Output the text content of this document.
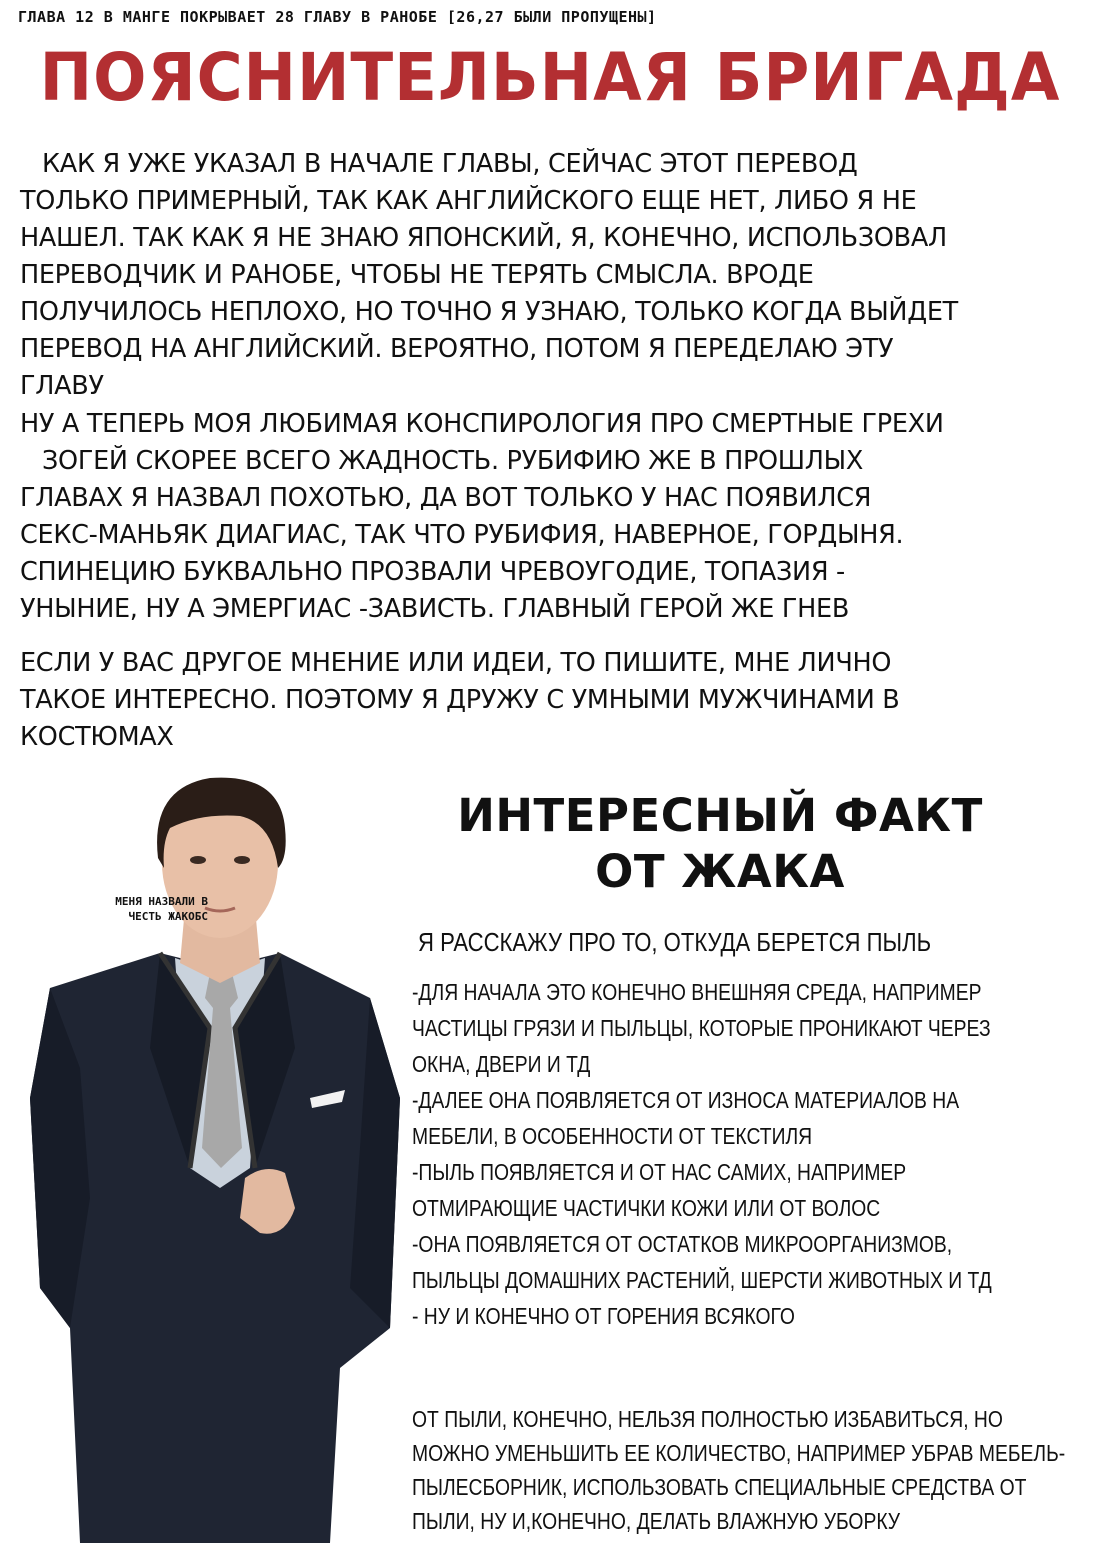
ГЛАВА 12 В МАНГЕ ПОКРЫВАЕТ 28 ГЛАВУ В РАНОБЕ [26,27 БЫЛИ ПРОПУЩЕНЫ]
ПОЯСНИТЕЛЬНАЯ БРИГАДА
КАК Я УЖЕ УКАЗАЛ В НАЧАЛЕ ГЛАВЫ, СЕЙЧАС ЭТОТ ПЕРЕВОД
ТОЛЬКО ПРИМЕРНЫЙ, ТАК КАК АНГЛИЙСКОГО ЕЩЕ НЕТ, ЛИБО Я НЕ
НАШЕЛ. ТАК КАК Я НЕ ЗНАЮ ЯПОНСКИЙ, Я, КОНЕЧНО, ИСПОЛЬЗОВАЛ
ПЕРЕВОДЧИК И РАНОБЕ, ЧТОБЫ НЕ ТЕРЯТЬ СМЫСЛА. ВРОДЕ
ПОЛУЧИЛОСЬ НЕПЛОХО, НО ТОЧНО Я УЗНАЮ, ТОЛЬКО КОГДА ВЫЙДЕТ
ПЕРЕВОД НА АНГЛИЙСКИЙ. ВЕРОЯТНО, ПОТОМ Я ПЕРЕДЕЛАЮ ЭТУ
ГЛАВУ
НУ А ТЕПЕРЬ МОЯ ЛЮБИМАЯ КОНСПИРОЛОГИЯ ПРО СМЕРТНЫЕ ГРЕХИ
ЗОГЕЙ СКОРЕЕ ВСЕГО ЖАДНОСТЬ. РУБИФИЮ ЖЕ В ПРОШЛЫХ
ГЛАВАХ Я НАЗВАЛ ПОХОТЬЮ, ДА ВОТ ТОЛЬКО У НАС ПОЯВИЛСЯ
СЕКС-МАНЬЯК ДИАГИАС, ТАК ЧТО РУБИФИЯ, НАВЕРНОЕ, ГОРДЫНЯ.
СПИНЕЦИЮ БУКВАЛЬНО ПРОЗВАЛИ ЧРЕВОУГОДИЕ, ТОПАЗИЯ -
УНЫНИЕ, НУ А ЭМЕРГИАС -ЗАВИСТЬ. ГЛАВНЫЙ ГЕРОЙ ЖЕ ГНЕВ
ЕСЛИ У ВАС ДРУГОЕ МНЕНИЕ ИЛИ ИДЕИ, ТО ПИШИТЕ, МНЕ ЛИЧНО
ТАКОЕ ИНТЕРЕСНО. ПОЭТОМУ Я ДРУЖУ С УМНЫМИ МУЖЧИНАМИ В
КОСТЮМАХ
МЕНЯ НАЗВАЛИ В
ЧЕСТЬ ЖАКОБС
ИНТЕРЕСНЫЙ ФАКТ
ОТ ЖАКА
Я РАССКАЖУ ПРО ТО, ОТКУДА БЕРЕТСЯ ПЫЛЬ
-ДЛЯ НАЧАЛА ЭТО КОНЕЧНО ВНЕШНЯЯ СРЕДА, НАПРИМЕР
ЧАСТИЦЫ ГРЯЗИ И ПЫЛЬЦЫ, КОТОРЫЕ ПРОНИКАЮТ ЧЕРЕЗ
ОКНА, ДВЕРИ И ТД
-ДАЛЕЕ ОНА ПОЯВЛЯЕТСЯ ОТ ИЗНОСА МАТЕРИАЛОВ НА
МЕБЕЛИ, В ОСОБЕННОСТИ ОТ ТЕКСТИЛЯ
-ПЫЛЬ ПОЯВЛЯЕТСЯ И ОТ НАС САМИХ, НАПРИМЕР
ОТМИРАЮЩИЕ ЧАСТИЧКИ КОЖИ ИЛИ ОТ ВОЛОС
-ОНА ПОЯВЛЯЕТСЯ ОТ ОСТАТКОВ МИКРООРГАНИЗМОВ,
ПЫЛЬЦЫ ДОМАШНИХ РАСТЕНИЙ, ШЕРСТИ ЖИВОТНЫХ И ТД
- НУ И КОНЕЧНО ОТ ГОРЕНИЯ ВСЯКОГО
ОТ ПЫЛИ, КОНЕЧНО, НЕЛЬЗЯ ПОЛНОСТЬЮ ИЗБАВИТЬСЯ, НО
МОЖНО УМЕНЬШИТЬ ЕЕ КОЛИЧЕСТВО, НАПРИМЕР УБРАВ МЕБЕЛЬ-
ПЫЛЕСБОРНИК, ИСПОЛЬЗОВАТЬ СПЕЦИАЛЬНЫЕ СРЕДСТВА ОТ
ПЫЛИ, НУ И,КОНЕЧНО, ДЕЛАТЬ ВЛАЖНУЮ УБОРКУ
